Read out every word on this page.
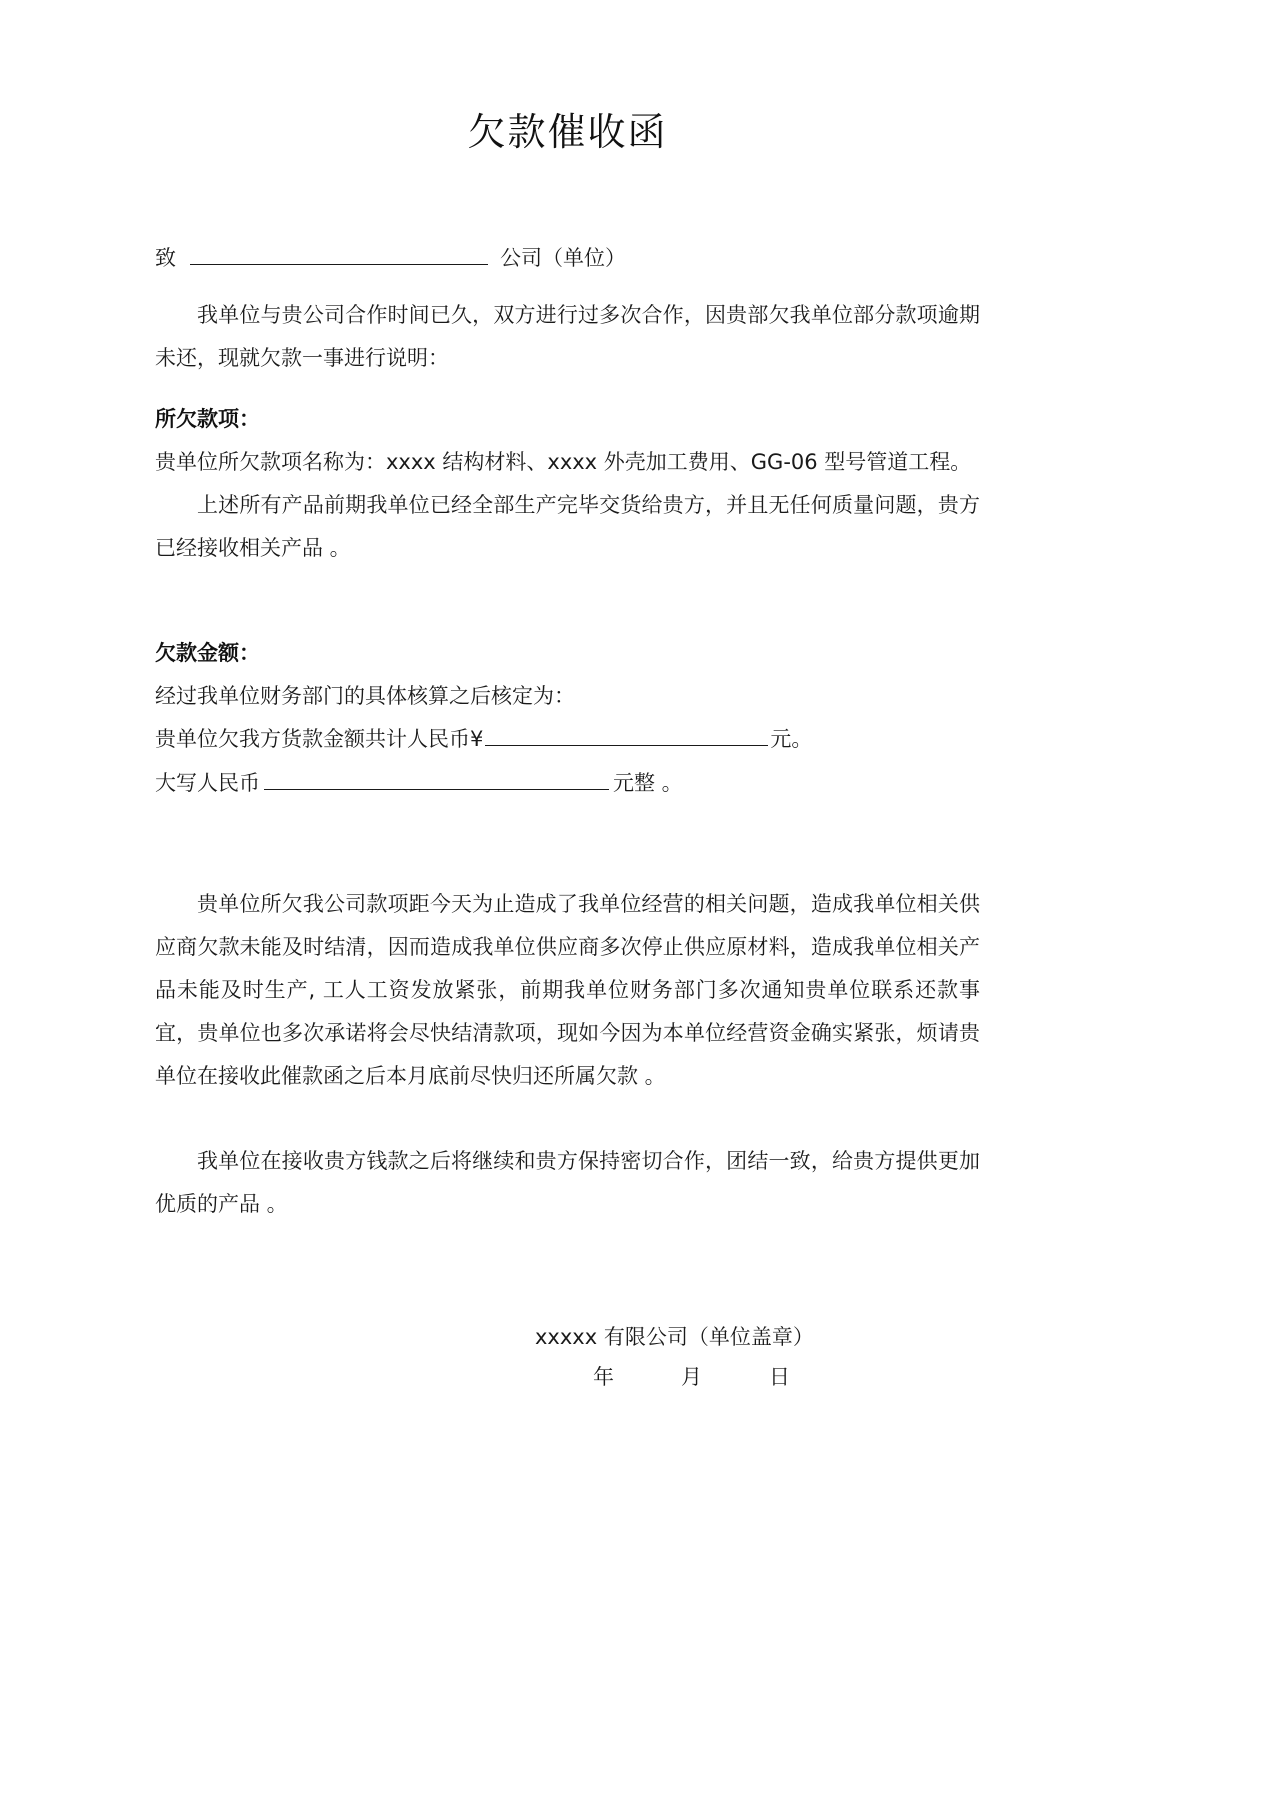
欠款催收函
致	公司（单位）

我单位与贵公司合作时间已久，双方进行过多次合作，因贵部欠我单位部分款项逾期未还，现就欠款一事进行说明：

所欠款项：

贵单位所欠款项名称为：xxxx 结构材料、xxxx 外壳加工费用、GG-06 型号管道工程。

上述所有产品前期我单位已经全部生产完毕交货给贵方，并且无任何质量问题，贵方已经接收相关产品 。

欠款金额：

经过我单位财务部门的具体核算之后核定为：

贵单位欠我方货款金额共计人民币¥	元。

大写人民币	元整 。

贵单位所欠我公司款项距今天为止造成了我单位经营的相关问题，造成我单位相关供应商欠款未能及时结清，因而造成我单位供应商多次停止供应原材料，造成我单位相关产品未能及时生产, 工人工资发放紧张，前期我单位财务部门多次通知贵单位联系还款事宜，贵单位也多次承诺将会尽快结清款项，现如今因为本单位经营资金确实紧张，烦请贵单位在接收此催款函之后本月底前尽快归还所属欠款 。

我单位在接收贵方钱款之后将继续和贵方保持密切合作，团结一致，给贵方提供更加优质的产品 。

xxxxx 有限公司（单位盖章）
年	月	日
